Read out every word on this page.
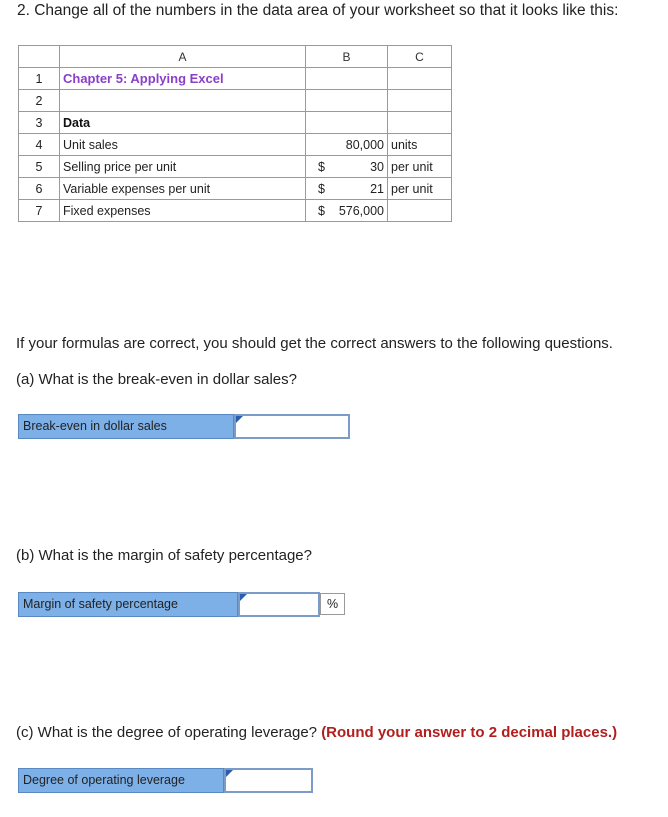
2. Change all of the numbers in the data area of your worksheet so that it looks like this:
	A	B	C
1	Chapter 5: Applying Excel		
2			
3	Data		
4	Unit sales	80,000	units
5	Selling price per unit	$ 30	per unit
6	Variable expenses per unit	$ 21	per unit
7	Fixed expenses	$ 576,000	

If your formulas are correct, you should get the correct answers to the following questions.
(a) What is the break-even in dollar sales?
Break-even in dollar sales
(b) What is the margin of safety percentage?
Margin of safety percentage	%
(c) What is the degree of operating leverage? (Round your answer to 2 decimal places.)
Degree of operating leverage
